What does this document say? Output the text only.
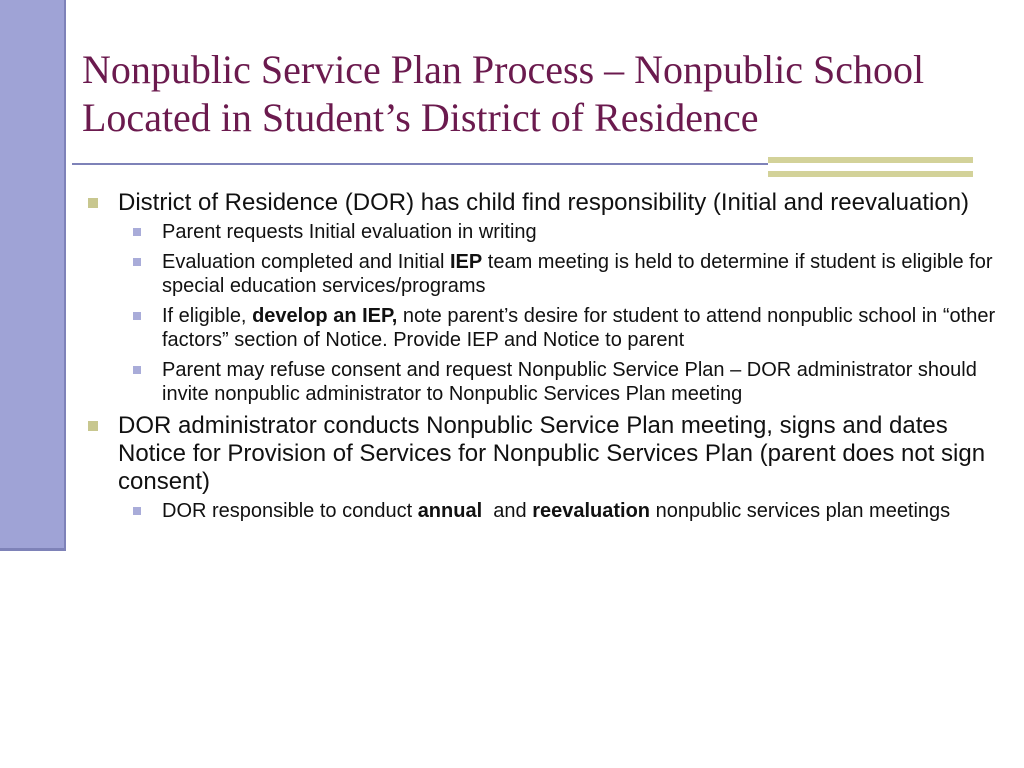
Nonpublic Service Plan Process – Nonpublic School Located in Student’s District of Residence
District of Residence (DOR) has child find responsibility (Initial and reevaluation)
Parent requests Initial evaluation in writing
Evaluation completed and Initial IEP team meeting is held to determine if student is eligible for special education services/programs
If eligible, develop an IEP, note parent’s desire for student to attend nonpublic school in “other factors” section of Notice. Provide IEP and Notice to parent
Parent may refuse consent and request Nonpublic Service Plan – DOR administrator should invite nonpublic administrator to Nonpublic Services Plan meeting
DOR administrator conducts Nonpublic Service Plan meeting, signs and dates Notice for Provision of Services for Nonpublic Services Plan (parent does not sign consent)
DOR responsible to conduct annual  and reevaluation nonpublic services plan meetings
